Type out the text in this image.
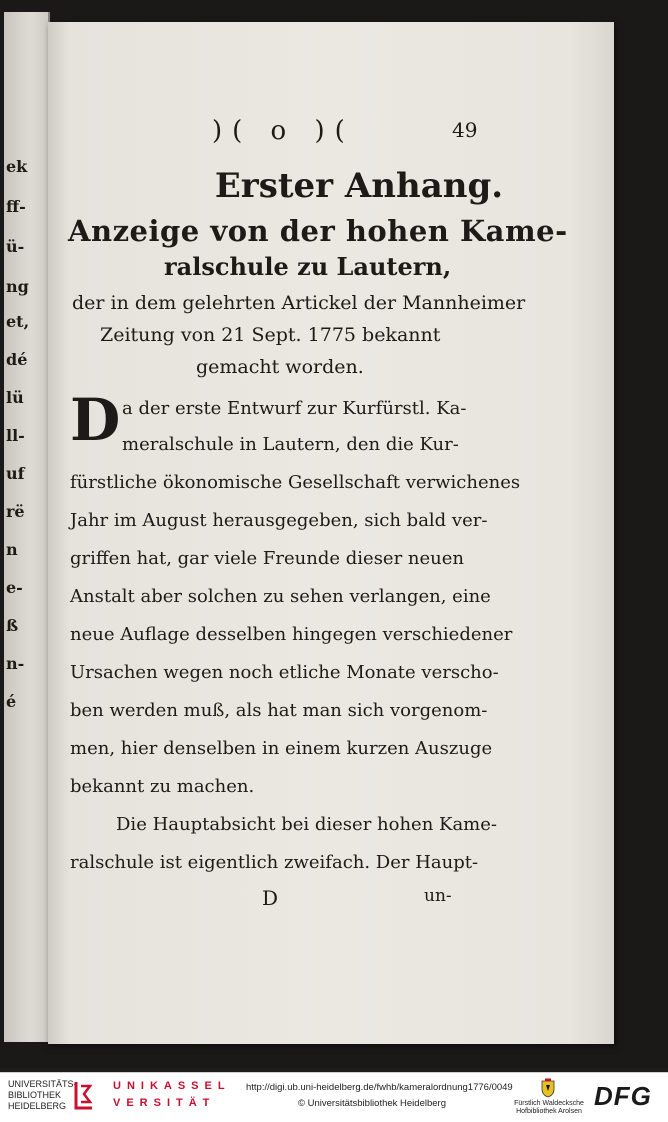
ek
ff-
ü-
ng
et,
dé
lü
ll-
uf
rë
n
e-
ß
n-
é
)( o )(	49
Erster Anhang.
Anzeige von der hohen Kame-
ralschule zu Lautern,
der in dem gelehrten Artickel der Mannheimer
Zeitung von 21 Sept. 1775 bekannt
gemacht worden.
D a der erste Entwurf zur Kurfürstl. Ka-
meralschule in Lautern, den die Kur-
fürstliche ökonomische Gesellschaft verwichenes
Jahr im August herausgegeben, sich bald ver-
griffen hat, gar viele Freunde dieser neuen
Anstalt aber solchen zu sehen verlangen, eine
neue Auflage desselben hingegen verschiedener
Ursachen wegen noch etliche Monate verscho-
ben werden muß, als hat man sich vorgenom-
men, hier denselben in einem kurzen Auszuge
bekannt zu machen.
Die Hauptabsicht bei dieser hohen Kame-
ralschule ist eigentlich zweifach. Der Haupt-
D	un-
UNIVERSITÄTS-
BIBLIOTHEK
HEIDELBERG
UNIKASSEL
VERSITÄT
http://digi.ub.uni-heidelberg.de/fwhb/kameralordnung1776/0049
© Universitätsbibliothek Heidelberg	Fürstlich Waldecksche
Hofbibliothek Arolsen
DFG
